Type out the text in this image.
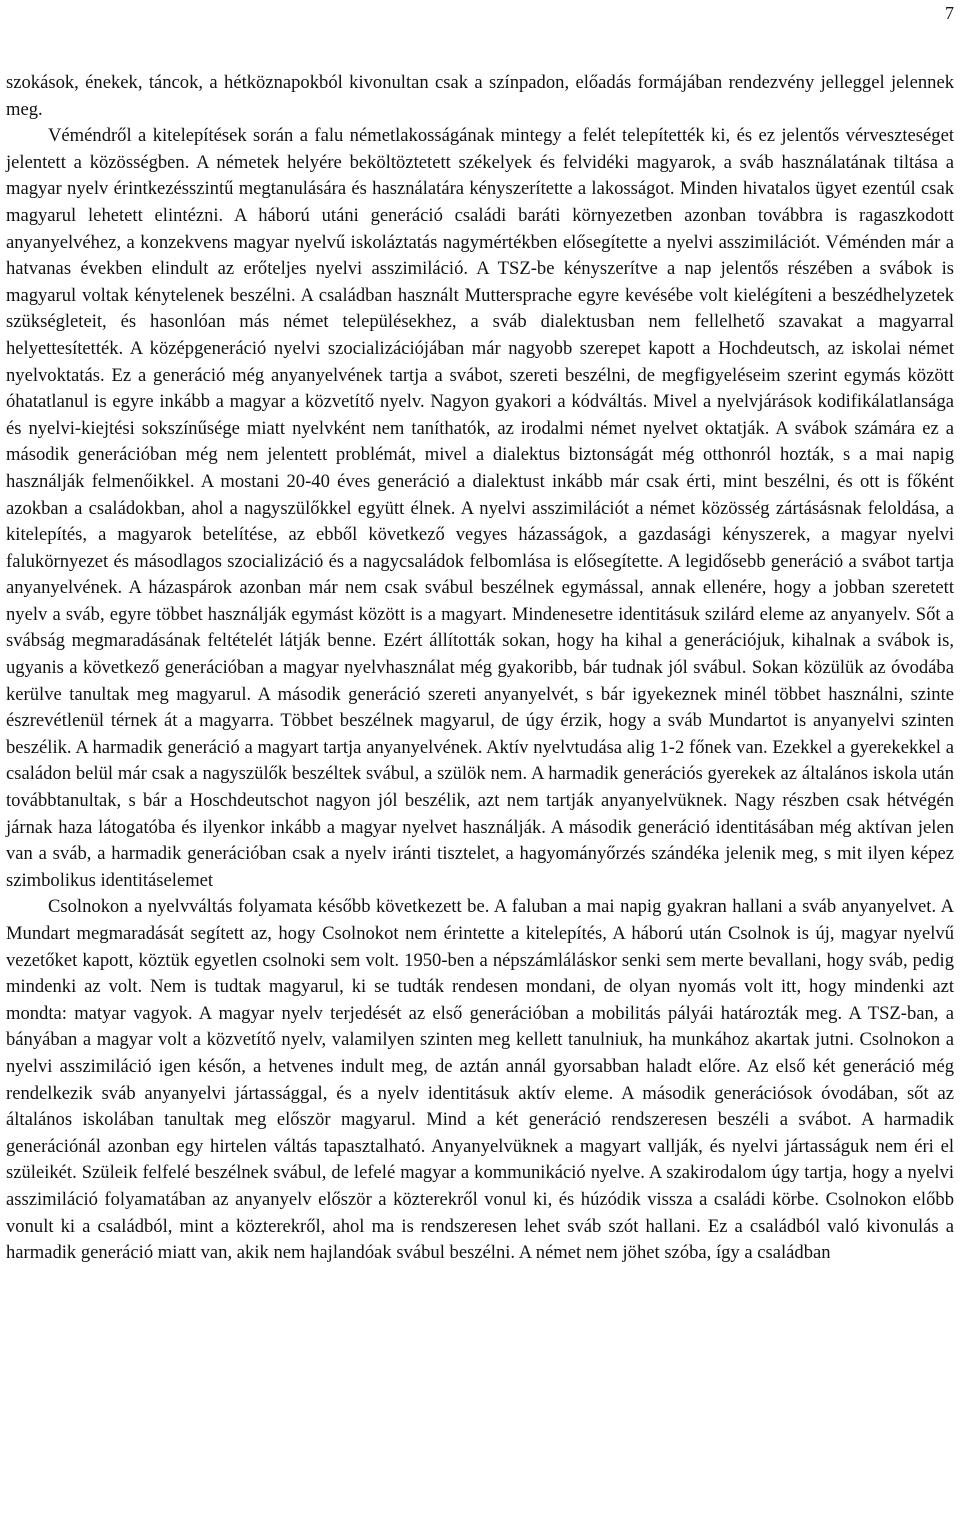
7

szokások, énekek, táncok, a hétköznapokból kivonultan csak a színpadon, előadás formájában rendezvény jelleggel jelennek meg.

Véméndről a kitelepítések során a falu németlakosságának mintegy a felét telepítették ki, és ez jelentős vérveszteséget jelentett a közösségben. A németek helyére beköltöztetett székelyek és felvidéki magyarok, a sváb használatának tiltása a magyar nyelv érintkezésszintű megtanulására és használatára kényszerítette a lakosságot. Minden hivatalos ügyet ezentúl csak magyarul lehetett elintézni. A háború utáni generáció családi baráti környezetben azonban továbbra is ragaszkodott anyanyelvéhez, a konzekvens magyar nyelvű iskoláztatás nagymértékben elősegítette a nyelvi asszimilációt. Véménden már a hatvanas években elindult az erőteljes nyelvi asszimiláció. A TSZ-be kényszerítve a nap jelentős részében a svábok is magyarul voltak kénytelenek beszélni. A családban használt Muttersprache egyre kevésébe volt kielégíteni a beszédhelyzetek szükségleteit, és hasonlóan más német településekhez, a sváb dialektusban nem fellelhető szavakat a magyarral helyettesítették. A középgeneráció nyelvi szocializációjában már nagyobb szerepet kapott a Hochdeutsch, az iskolai német nyelvoktatás. Ez a generáció még anyanyelvének tartja a svábot, szereti beszélni, de megfigyeléseim szerint egymás között óhatatlanul is egyre inkább a magyar a közvetítő nyelv. Nagyon gyakori a kódváltás. Mivel a nyelvjárások kodifikálatlansága és nyelvi-kiejtési sokszínűsége miatt nyelvként nem taníthatók, az irodalmi német nyelvet oktatják. A svábok számára ez a második generációban még nem jelentett problémát, mivel a dialektus biztonságát még otthonról hozták, s a mai napig használják felmenőikkel. A mostani 20-40 éves generáció a dialektust inkább már csak érti, mint beszélni, és ott is főként azokban a családokban, ahol a nagyszülőkkel együtt élnek. A nyelvi asszimilációt a német közösség zártásásnak feloldása, a kitelepítés, a magyarok betelítése, az ebből következő vegyes házasságok, a gazdasági kényszerek, a magyar nyelvi falukörnyezet és másodlagos szocializáció és a nagycsaládok felbomlása is elősegítette. A legidősebb generáció a svábot tartja anyanyelvének. A házaspárok azonban már nem csak svábul beszélnek egymással, annak ellenére, hogy a jobban szeretett nyelv a sváb, egyre többet használják egymást között is a magyart. Mindenesetre identitásuk szilárd eleme az anyanyelv. Sőt a svábság megmaradásának feltételét látják benne. Ezért állították sokan, hogy ha kihal a generációjuk, kihalnak a svábok is, ugyanis a következő generációban a magyar nyelvhasználat még gyakoribb, bár tudnak jól svábul. Sokan közülük az óvodába kerülve tanultak meg magyarul. A második generáció szereti anyanyelvét, s bár igyekeznek minél többet használni, szinte észrevétlenül térnek át a magyarra. Többet beszélnek magyarul, de úgy érzik, hogy a sváb Mundartot is anyanyelvi szinten beszélik. A harmadik generáció a magyart tartja anyanyelvének. Aktív nyelvtudása alig 1-2 főnek van. Ezekkel a gyerekekkel a családon belül már csak a nagyszülők beszéltek svábul, a szülök nem. A harmadik generációs gyerekek az általános iskola után továbbtanultak, s bár a Hoschdeutschot nagyon jól beszélik, azt nem tartják anyanyelvüknek. Nagy részben csak hétvégén járnak haza látogatóba és ilyenkor inkább a magyar nyelvet használják. A második generáció identitásában még aktívan jelen van a sváb, a harmadik generációban csak a nyelv iránti tisztelet, a hagyományőrzés szándéka jelenik meg, s mit ilyen képez szimbolikus identitáselemet

Csolnokon a nyelvváltás folyamata később következett be. A faluban a mai napig gyakran hallani a sváb anyanyelvet. A Mundart megmaradását segített az, hogy Csolnokot nem érintette a kitelepítés, A háború után Csolnok is új, magyar nyelvű vezetőket kapott, köztük egyetlen csolnoki sem volt. 1950-ben a népszámláláskor senki sem merte bevallani, hogy sváb, pedig mindenki az volt. Nem is tudtak magyarul, ki se tudták rendesen mondani, de olyan nyomás volt itt, hogy mindenki azt mondta: matyar vagyok. A magyar nyelv terjedését az első generációban a mobilitás pályái határozták meg. A TSZ-ban, a bányában a magyar volt a közvetítő nyelv, valamilyen szinten meg kellett tanulniuk, ha munkához akartak jutni. Csolnokon a nyelvi asszimiláció igen későn, a hetvenes indult meg, de aztán annál gyorsabban haladt előre. Az első két generáció még rendelkezik sváb anyanyelvi jártassággal, és a nyelv identitásuk aktív eleme. A második generációsok óvodában, sőt az általános iskolában tanultak meg először magyarul. Mind a két generáció rendszeresen beszéli a svábot. A harmadik generációnál azonban egy hirtelen váltás tapasztalható. Anyanyelvüknek a magyart vallják, és nyelvi jártasságuk nem éri el szüleikét. Szüleik felfelé beszélnek svábul, de lefelé magyar a kommunikáció nyelve. A szakirodalom úgy tartja, hogy a nyelvi asszimiláció folyamatában az anyanyelv először a közterekről vonul ki, és húzódik vissza a családi körbe. Csolnokon előbb vonult ki a családból, mint a közterekről, ahol ma is rendszeresen lehet sváb szót hallani. Ez a családból való kivonulás a harmadik generáció miatt van, akik nem hajlandóak svábul beszélni. A német nem jöhet szóba, így a családban
